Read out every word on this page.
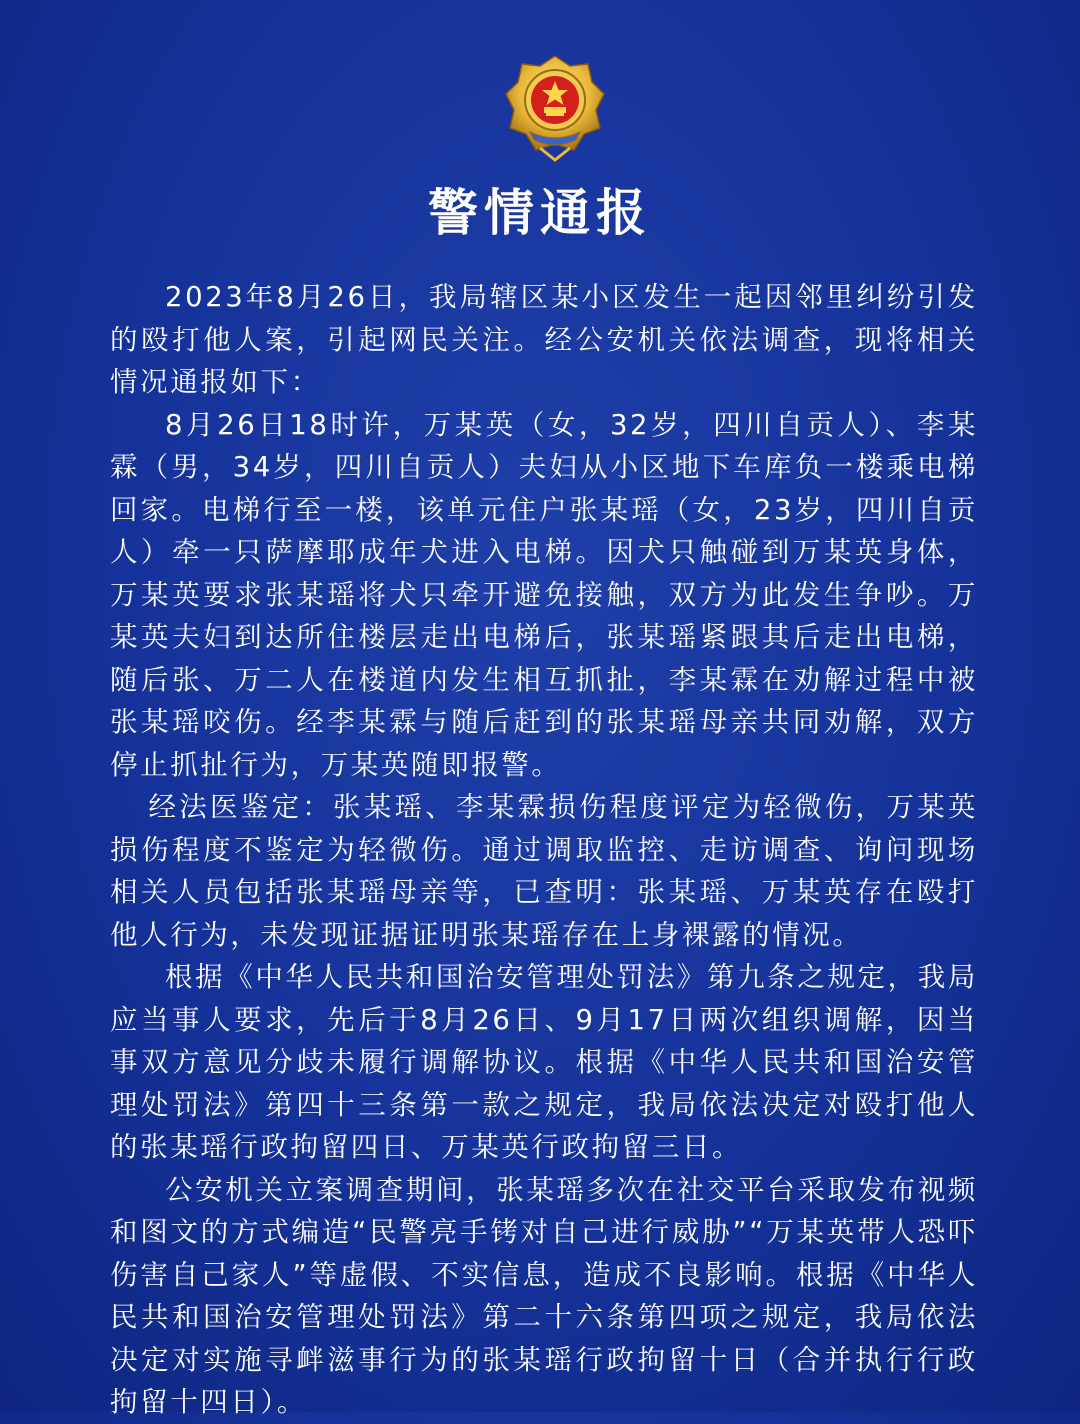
警情通报

2023年8月26日，我局辖区某小区发生一起因邻里纠纷引发的殴打他人案，引起网民关注。经公安机关依法调查，现将相关情况通报如下：

8月26日18时许，万某英（女，32岁，四川自贡人）、李某霖（男，34岁，四川自贡人）夫妇从小区地下车库负一楼乘电梯回家。电梯行至一楼，该单元住户张某瑶（女，23岁，四川自贡人）牵一只萨摩耶成年犬进入电梯。因犬只触碰到万某英身体，万某英要求张某瑶将犬只牵开避免接触，双方为此发生争吵。万某英夫妇到达所住楼层走出电梯后，张某瑶紧跟其后走出电梯，随后张、万二人在楼道内发生相互抓扯，李某霖在劝解过程中被张某瑶咬伤。经李某霖与随后赶到的张某瑶母亲共同劝解，双方停止抓扯行为，万某英随即报警。

经法医鉴定：张某瑶、李某霖损伤程度评定为轻微伤，万某英损伤程度不鉴定为轻微伤。通过调取监控、走访调查、询问现场相关人员包括张某瑶母亲等，已查明：张某瑶、万某英存在殴打他人行为，未发现证据证明张某瑶存在上身裸露的情况。

根据《中华人民共和国治安管理处罚法》第九条之规定，我局应当事人要求，先后于8月26日、9月17日两次组织调解，因当事双方意见分歧未履行调解协议。根据《中华人民共和国治安管理处罚法》第四十三条第一款之规定，我局依法决定对殴打他人的张某瑶行政拘留四日、万某英行政拘留三日。

公安机关立案调查期间，张某瑶多次在社交平台采取发布视频和图文的方式编造“民警亮手铐对自己进行威胁”“万某英带人恐吓伤害自己家人”等虚假、不实信息，造成不良影响。根据《中华人民共和国治安管理处罚法》第二十六条第四项之规定，我局依法决定对实施寻衅滋事行为的张某瑶行政拘留十日（合并执行行政拘留十四日）。
